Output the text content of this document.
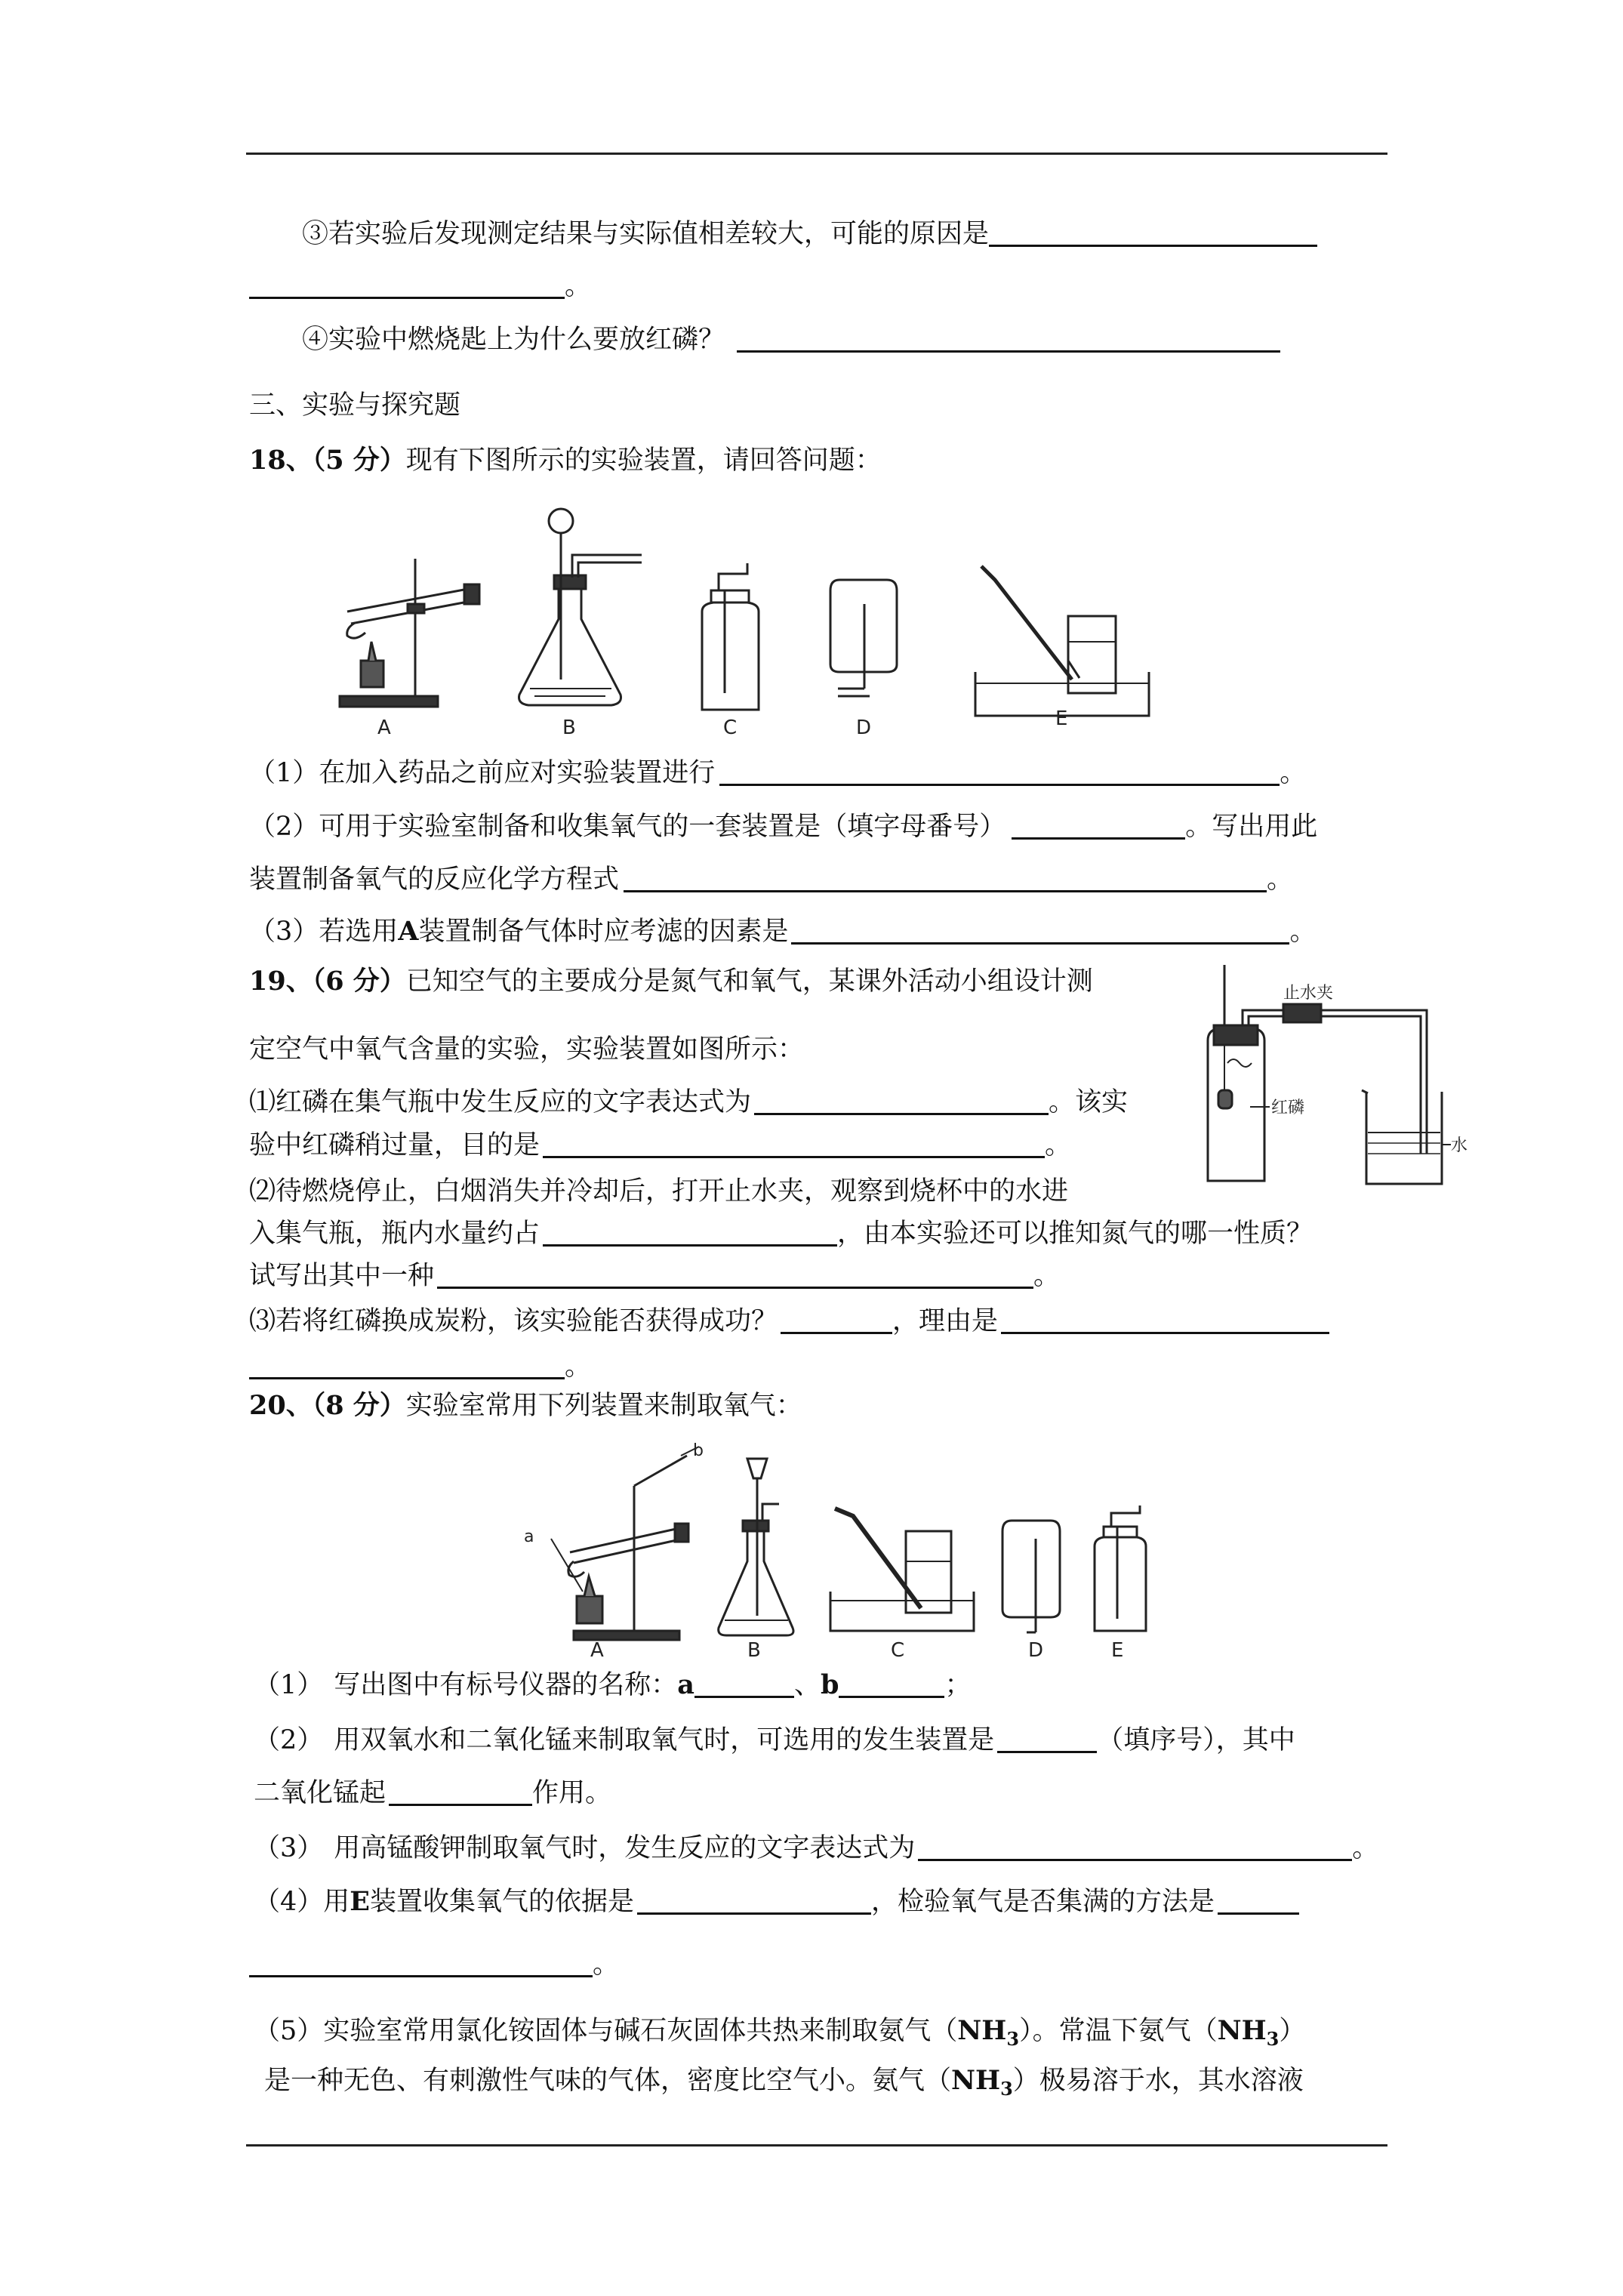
③若实验后发现测定结果与实际值相差较大，可能的原因是
。
④实验中燃烧匙上为什么要放红磷？
三、实验与探究题
18、（5 分）现有下图所示的实验装置，请回答问题：
A	B	C	D	E
（1）在加入药品之前应对实验装置进行	。
（2）可用于实验室制备和收集氧气的一套装置是（填字母番号）	。写出用此
装置制备氧气的反应化学方程式	。
（3）若选用A装置制备气体时应考滤的因素是	。
19、（6 分）已知空气的主要成分是氮气和氧气，某课外活动小组设计测
定空气中氧气含量的实验，实验装置如图所示：
止水夹
红磷
水
⑴红磷在集气瓶中发生反应的文字表达式为	。该实
验中红磷稍过量，目的是	。
⑵待燃烧停止，白烟消失并冷却后，打开止水夹，观察到烧杯中的水进
入集气瓶，瓶内水量约占	，由本实验还可以推知氮气的哪一性质？
试写出其中一种	。
⑶若将红磷换成炭粉，该实验能否获得成功？	，理由是
。
20、（8 分）实验室常用下列装置来制取氧气：
A	B	C	D	E
a
b
（1） 写出图中有标号仪器的名称：a	、b	；
（2） 用双氧水和二氧化锰来制取氧气时，可选用的发生装置是	（填序号），其中
二氧化锰起	作用。
（3） 用高锰酸钾制取氧气时，发生反应的文字表达式为	。
（4）用E装置收集氧气的依据是	，检验氧气是否集满的方法是
。
（5）实验室常用氯化铵固体与碱石灰固体共热来制取氨气$(NH_3)$。常温下氨气$(NH_3)$
是一种无色、有刺激性气味的气体，密度比空气小。氨气$(NH_3)$极易溶于水，其水溶液
